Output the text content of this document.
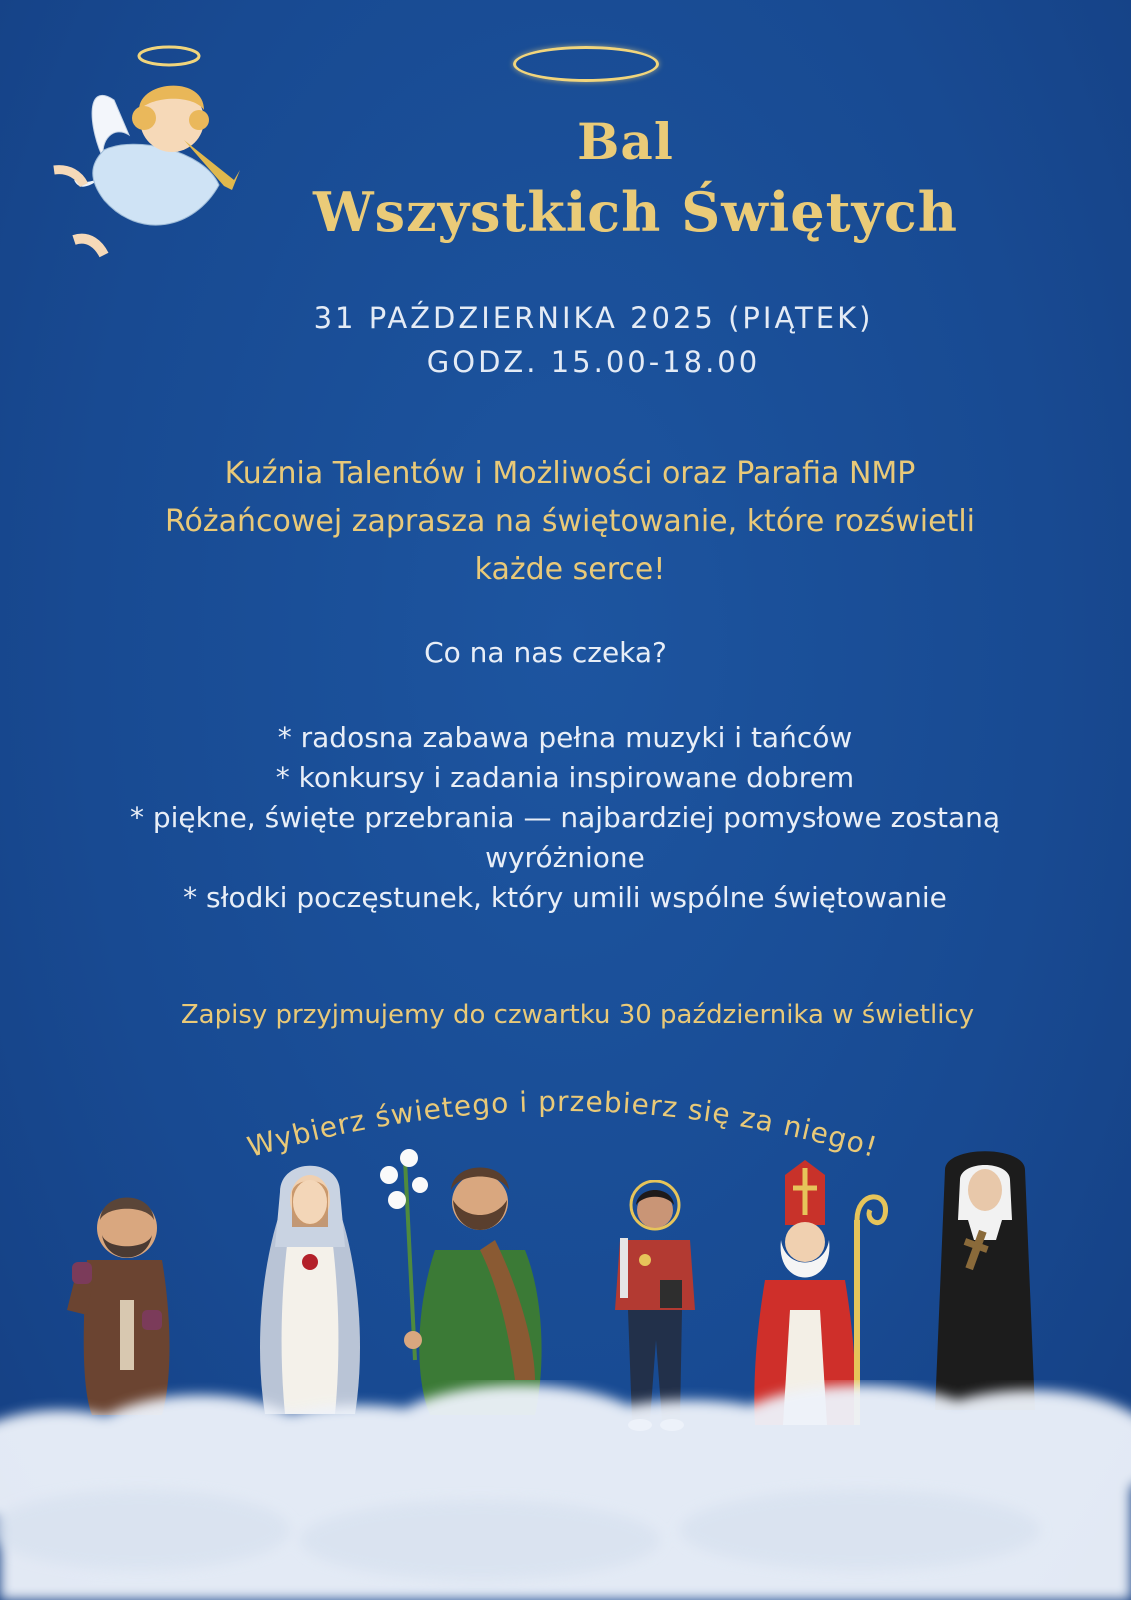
Bal
Wszystkich Świętych
31 PAŹDZIERNIKA 2025 (PIĄTEK)
GODZ. 15.00-18.00
Kuźnia Talentów i Możliwości oraz Parafia NMP
Różańcowej zaprasza na świętowanie, które rozświetli
każde serce!
Co na nas czeka?
* radosna zabawa pełna muzyki i tańców
* konkursy i zadania inspirowane dobrem
* piękne, święte przebrania — najbardziej pomysłowe zostaną
wyróżnione
* słodki poczęstunek, który umili wspólne świętowanie
Zapisy przyjmujemy do czwartku 30 października w świetlicy
Wybierz świetego i przebierz się za niego!
